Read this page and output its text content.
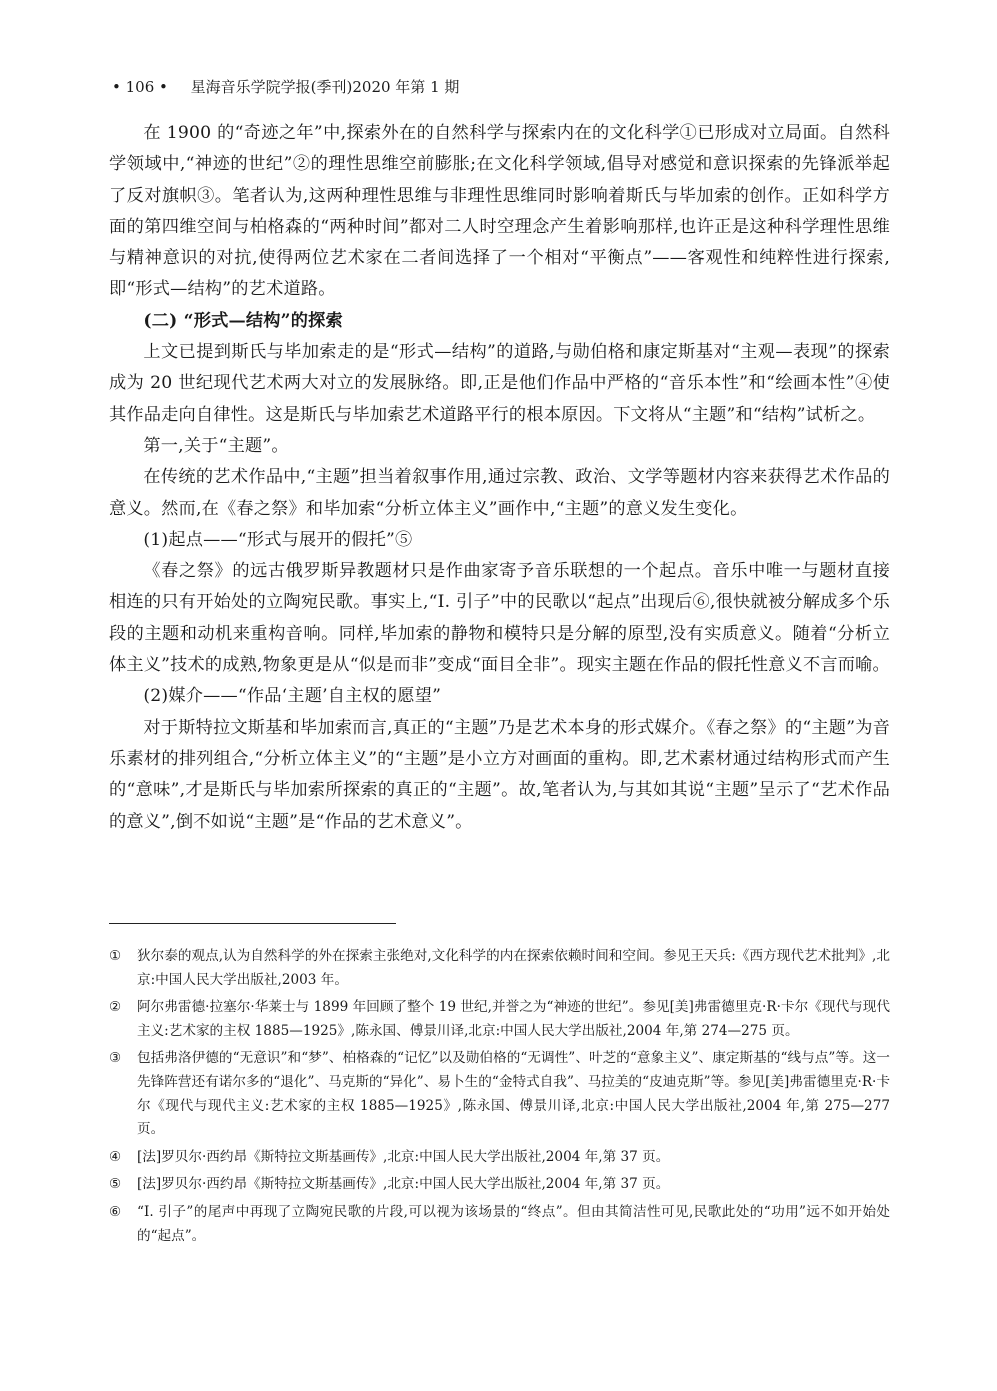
• 106 • 星海音乐学院学报(季刊)2020 年第 1 期

在 1900 的“奇迹之年”中,探索外在的自然科学与探索内在的文化科学①已形成对立局面。自然科学领域中,“神迹的世纪”②的理性思维空前膨胀;在文化科学领域,倡导对感觉和意识探索的先锋派举起了反对旗帜③。笔者认为,这两种理性思维与非理性思维同时影响着斯氏与毕加索的创作。正如科学方面的第四维空间与柏格森的“两种时间”都对二人时空理念产生着影响那样,也许正是这种科学理性思维与精神意识的对抗,使得两位艺术家在二者间选择了一个相对“平衡点”——客观性和纯粹性进行探索,即“形式—结构”的艺术道路。

(二) “形式—结构”的探索

上文已提到斯氏与毕加索走的是“形式—结构”的道路,与勋伯格和康定斯基对“主观—表现”的探索成为 20 世纪现代艺术两大对立的发展脉络。即,正是他们作品中严格的“音乐本性”和“绘画本性”④使其作品走向自律性。这是斯氏与毕加索艺术道路平行的根本原因。下文将从“主题”和“结构”试析之。

第一,关于“主题”。

在传统的艺术作品中,“主题”担当着叙事作用,通过宗教、政治、文学等题材内容来获得艺术作品的意义。然而,在《春之祭》和毕加索“分析立体主义”画作中,“主题”的意义发生变化。

(1)起点——“形式与展开的假托”⑤

《春之祭》的远古俄罗斯异教题材只是作曲家寄予音乐联想的一个起点。音乐中唯一与题材直接相连的只有开始处的立陶宛民歌。事实上,“I. 引子”中的民歌以“起点”出现后⑥,很快就被分解成多个乐段的主题和动机来重构音响。同样,毕加索的静物和模特只是分解的原型,没有实质意义。随着“分析立体主义”技术的成熟,物象更是从“似是而非”变成“面目全非”。现实主题在作品的假托性意义不言而喻。

(2)媒介——“作品‘主题’自主权的愿望”

对于斯特拉文斯基和毕加索而言,真正的“主题”乃是艺术本身的形式媒介。《春之祭》的“主题”为音乐素材的排列组合,“分析立体主义”的“主题”是小立方对画面的重构。即,艺术素材通过结构形式而产生的“意味”,才是斯氏与毕加索所探索的真正的“主题”。故,笔者认为,与其如其说“主题”呈示了“艺术作品的意义”,倒不如说“主题”是“作品的艺术意义”。

①	狄尔泰的观点,认为自然科学的外在探索主张绝对,文化科学的内在探索依赖时间和空间。参见王天兵:《西方现代艺术批判》,北京:中国人民大学出版社,2003 年。
②	阿尔弗雷德·拉塞尔·华莱士与 1899 年回顾了整个 19 世纪,并誉之为“神迹的世纪”。参见[美]弗雷德里克·R·卡尔《现代与现代主义:艺术家的主权 1885—1925》,陈永国、傅景川译,北京:中国人民大学出版社,2004 年,第 274—275 页。
③	包括弗洛伊德的“无意识”和“梦”、柏格森的“记忆”以及勋伯格的“无调性”、叶芝的“意象主义”、康定斯基的“线与点”等。这一先锋阵营还有诺尔多的“退化”、马克斯的“异化”、易卜生的“金特式自我”、马拉美的“皮迪克斯”等。参见[美]弗雷德里克·R·卡尔《现代与现代主义:艺术家的主权 1885—1925》,陈永国、傅景川译,北京:中国人民大学出版社,2004 年,第 275—277 页。
④	[法]罗贝尔·西约昂《斯特拉文斯基画传》,北京:中国人民大学出版社,2004 年,第 37 页。
⑤	[法]罗贝尔·西约昂《斯特拉文斯基画传》,北京:中国人民大学出版社,2004 年,第 37 页。
⑥	“I. 引子”的尾声中再现了立陶宛民歌的片段,可以视为该场景的“终点”。但由其简洁性可见,民歌此处的“功用”远不如开始处的“起点”。
